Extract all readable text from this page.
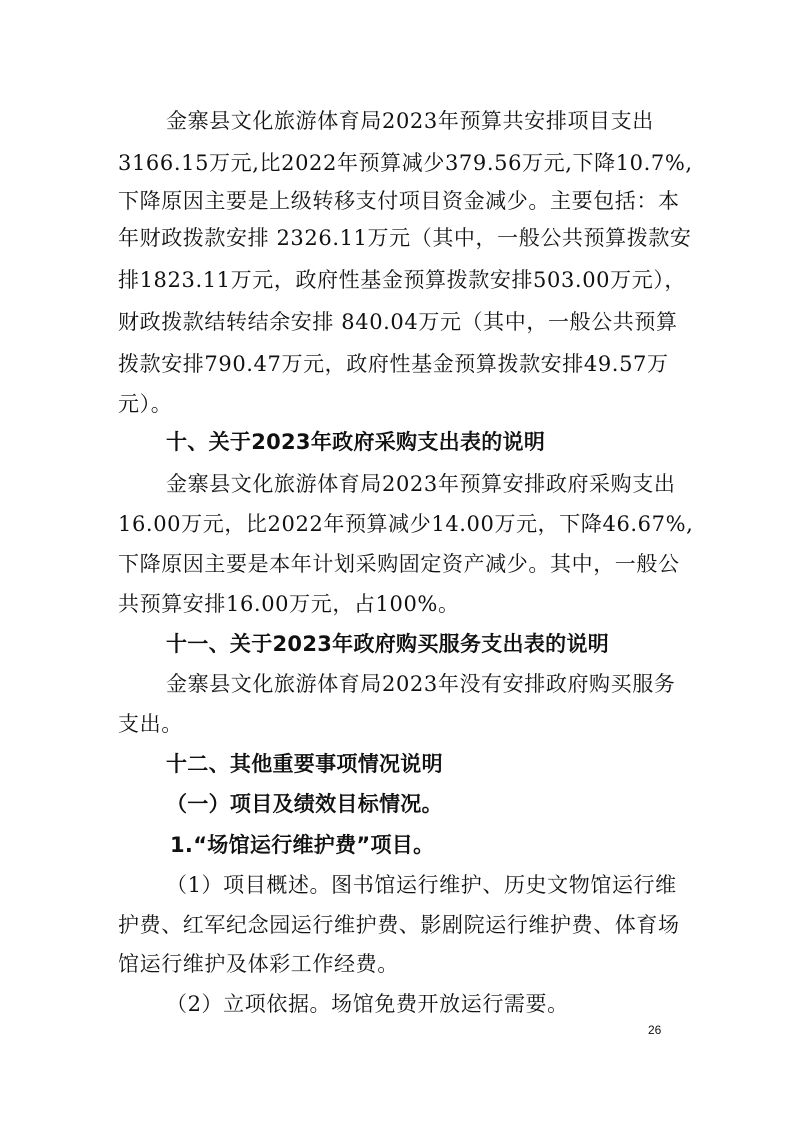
金寨县文化旅游体育局2023年预算共安排项目支出
3166.15万元,比2022年预算减少379.56万元,下降10.7%,
下降原因主要是上级转移支付项目资金减少。主要包括：本
年财政拨款安排 2326.11万元（其中，一般公共预算拨款安
排1823.11万元，政府性基金预算拨款安排503.00万元），
财政拨款结转结余安排 840.04万元（其中，一般公共预算
拨款安排790.47万元，政府性基金预算拨款安排49.57万
元）。
十、关于2023年政府采购支出表的说明
金寨县文化旅游体育局2023年预算安排政府采购支出
16.00万元，比2022年预算减少14.00万元，下降46.67%,
下降原因主要是本年计划采购固定资产减少。其中，一般公
共预算安排16.00万元，占100%。
十一、关于2023年政府购买服务支出表的说明
金寨县文化旅游体育局2023年没有安排政府购买服务
支出。
十二、其他重要事项情况说明
（一）项目及绩效目标情况。
1.“场馆运行维护费”项目。
（1）项目概述。图书馆运行维护、历史文物馆运行维
护费、红军纪念园运行维护费、影剧院运行维护费、体育场
馆运行维护及体彩工作经费。
（2）立项依据。场馆免费开放运行需要。
26
